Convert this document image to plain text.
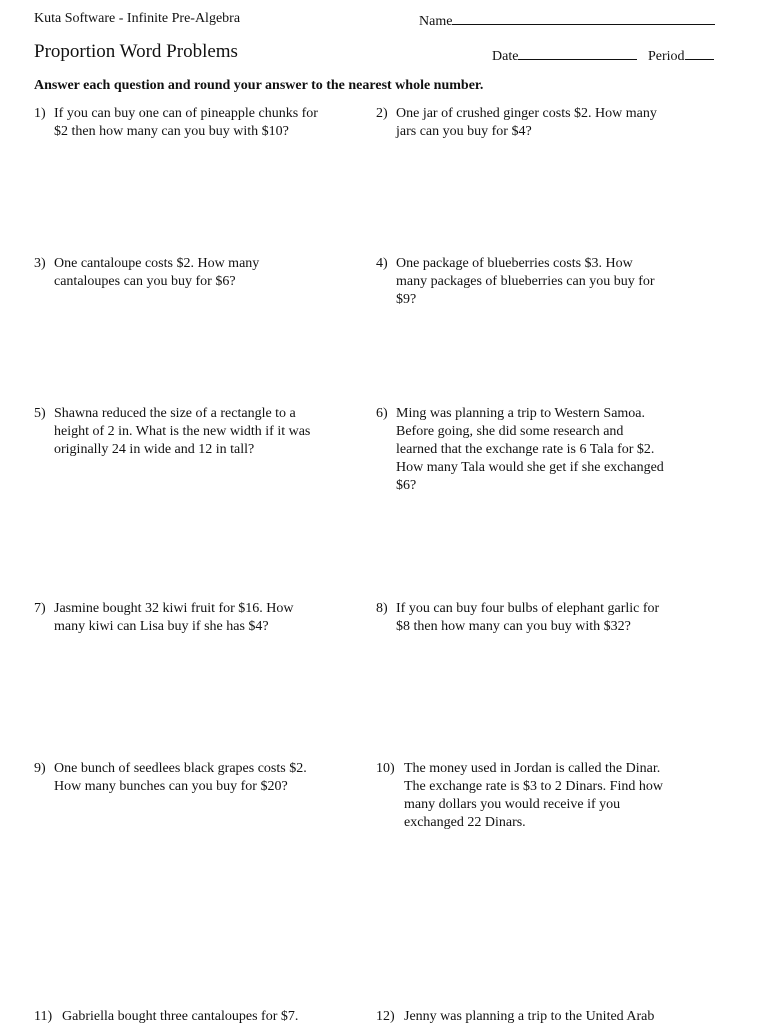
Kuta Software - Infinite Pre-Algebra	Name
Proportion Word Problems	Date	Period
Answer each question and round your answer to the nearest whole number.
1) If you can buy one can of pineapple chunks for $2 then how many can you buy with $10?
3) One cantaloupe costs $2. How many cantaloupes can you buy for $6?
5) Shawna reduced the size of a rectangle to a height of 2 in. What is the new width if it was originally 24 in wide and 12 in tall?
7) Jasmine bought 32 kiwi fruit for $16. How many kiwi can Lisa buy if she has $4?
9) One bunch of seedlees black grapes costs $2. How many bunches can you buy for $20?
11) Gabriella bought three cantaloupes for $7.
2) One jar of crushed ginger costs $2. How many jars can you buy for $4?
4) One package of blueberries costs $3. How many packages of blueberries can you buy for $9?
6) Ming was planning a trip to Western Samoa. Before going, she did some research and learned that the exchange rate is 6 Tala for $2. How many Tala would she get if she exchanged $6?
8) If you can buy four bulbs of elephant garlic for $8 then how many can you buy with $32?
10) The money used in Jordan is called the Dinar. The exchange rate is $3 to 2 Dinars. Find how many dollars you would receive if you exchanged 22 Dinars.
12) Jenny was planning a trip to the United Arab
